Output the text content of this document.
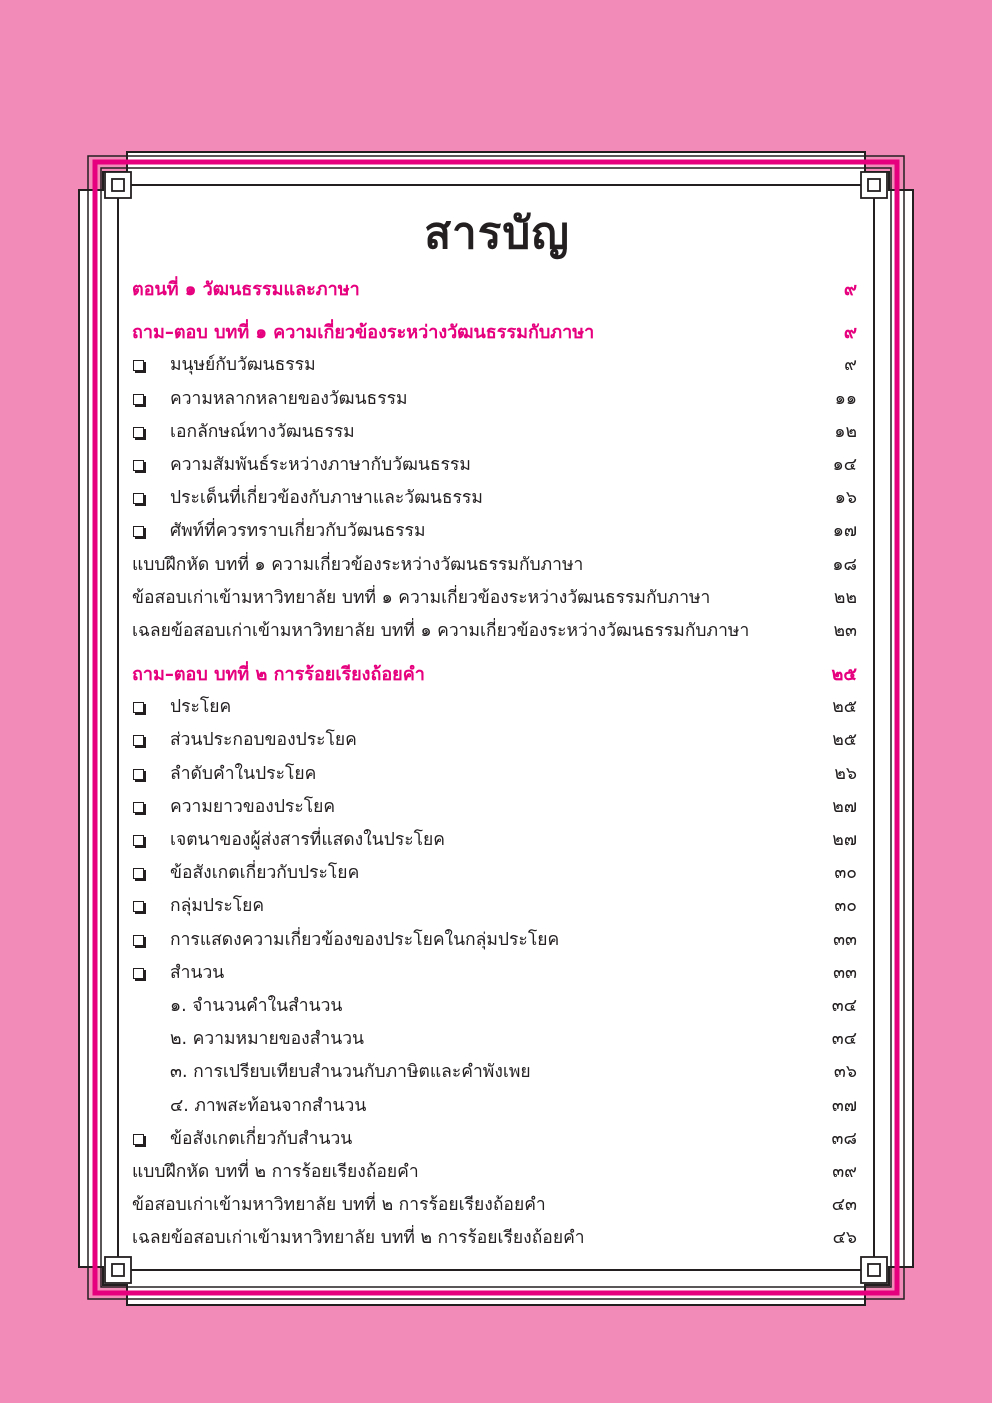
สารบัญ
ตอนที่ ๑ วัฒนธรรมและภาษา	๙
ถาม–ตอบ บทที่ ๑ ความเกี่ยวข้องระหว่างวัฒนธรรมกับภาษา	๙
มนุษย์กับวัฒนธรรม	๙
ความหลากหลายของวัฒนธรรม	๑๑
เอกลักษณ์ทางวัฒนธรรม	๑๒
ความสัมพันธ์ระหว่างภาษากับวัฒนธรรม	๑๔
ประเด็นที่เกี่ยวข้องกับภาษาและวัฒนธรรม	๑๖
ศัพท์ที่ควรทราบเกี่ยวกับวัฒนธรรม	๑๗
แบบฝึกหัด บทที่ ๑ ความเกี่ยวข้องระหว่างวัฒนธรรมกับภาษา	๑๘
ข้อสอบเก่าเข้ามหาวิทยาลัย บทที่ ๑ ความเกี่ยวข้องระหว่างวัฒนธรรมกับภาษา	๒๒
เฉลยข้อสอบเก่าเข้ามหาวิทยาลัย บทที่ ๑ ความเกี่ยวข้องระหว่างวัฒนธรรมกับภาษา	๒๓
ถาม–ตอบ บทที่ ๒ การร้อยเรียงถ้อยคำ	๒๕
ประโยค	๒๕
ส่วนประกอบของประโยค	๒๕
ลำดับคำในประโยค	๒๖
ความยาวของประโยค	๒๗
เจตนาของผู้ส่งสารที่แสดงในประโยค	๒๗
ข้อสังเกตเกี่ยวกับประโยค	๓๐
กลุ่มประโยค	๓๐
การแสดงความเกี่ยวข้องของประโยคในกลุ่มประโยค	๓๓
สำนวน	๓๓
๑. จำนวนคำในสำนวน	๓๔
๒. ความหมายของสำนวน	๓๔
๓. การเปรียบเทียบสำนวนกับภาษิตและคำพังเพย	๓๖
๔. ภาพสะท้อนจากสำนวน	๓๗
ข้อสังเกตเกี่ยวกับสำนวน	๓๘
แบบฝึกหัด บทที่ ๒ การร้อยเรียงถ้อยคำ	๓๙
ข้อสอบเก่าเข้ามหาวิทยาลัย บทที่ ๒ การร้อยเรียงถ้อยคำ	๔๓
เฉลยข้อสอบเก่าเข้ามหาวิทยาลัย บทที่ ๒ การร้อยเรียงถ้อยคำ	๔๖
